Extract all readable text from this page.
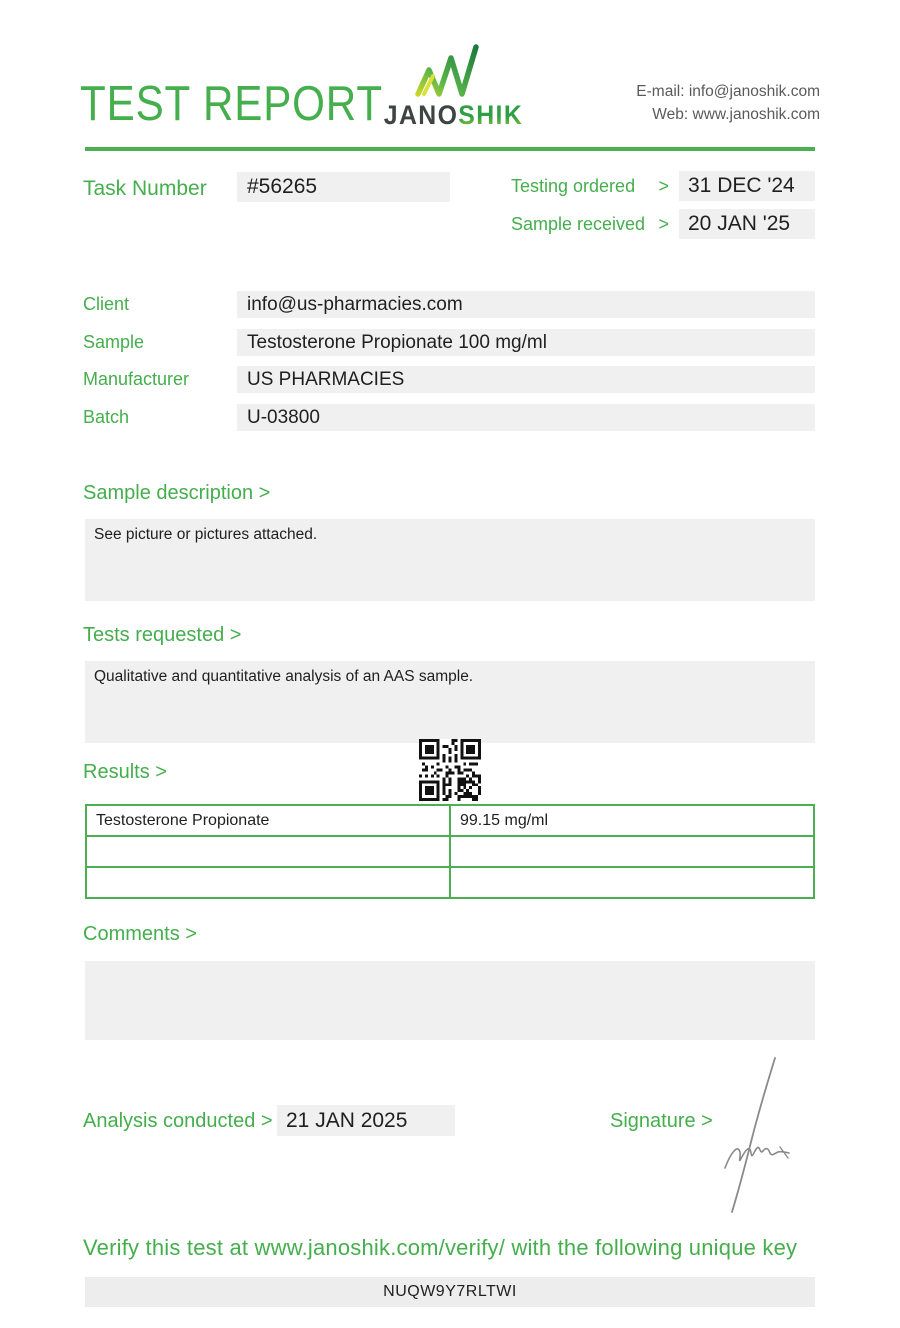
TEST REPORT JANOSHIK
E-mail: info@janoshik.com
Web: www.janoshik.com
Task Number	#56265	Testing ordered > 31 DEC '24
Sample received > 20 JAN '25
Client	info@us-pharmacies.com
Sample	Testosterone Propionate 100 mg/ml
Manufacturer	US PHARMACIES
Batch	U-03800
Sample description >
See picture or pictures attached.
Tests requested >
Qualitative and quantitative analysis of an AAS sample.
Results >
Testosterone Propionate	99.15 mg/ml

Comments >
Analysis conducted > 21 JAN 2025	Signature >
Verify this test at www.janoshik.com/verify/ with the following unique key
NUQW9Y7RLTWI
